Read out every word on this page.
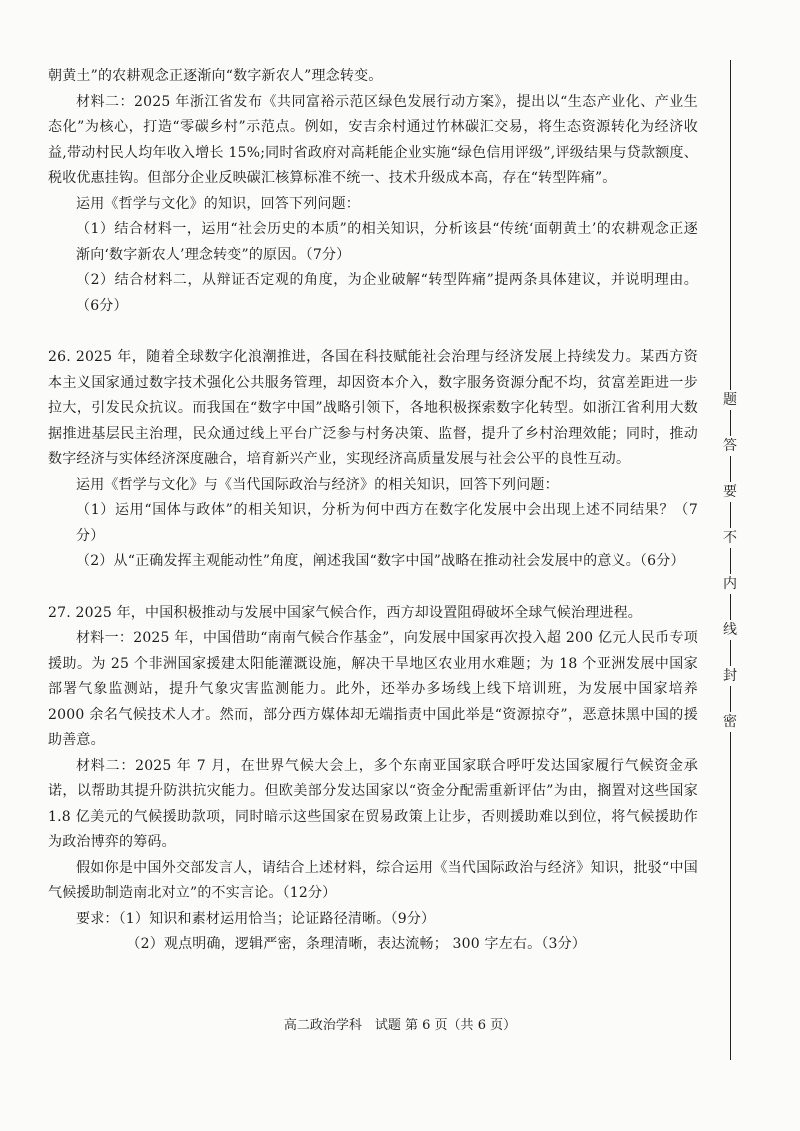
朝黄土”的农耕观念正逐渐向“数字新农人”理念转变。

材料二：2025 年浙江省发布《共同富裕示范区绿色发展行动方案》，提出以“生态产业化、产业生态化”为核心，打造“零碳乡村”示范点。例如，安吉余村通过竹林碳汇交易，将生态资源转化为经济收益,带动村民人均年收入增长 15%;同时省政府对高耗能企业实施“绿色信用评级”,评级结果与贷款额度、税收优惠挂钩。但部分企业反映碳汇核算标准不统一、技术升级成本高，存在“转型阵痛”。

运用《哲学与文化》的知识，回答下列问题：

（1）结合材料一，运用“社会历史的本质”的相关知识，分析该县“传统‘面朝黄土’的农耕观念正逐渐向‘数字新农人’理念转变”的原因。（7分）

（2）结合材料二，从辩证否定观的角度，为企业破解“转型阵痛”提两条具体建议，并说明理由。（6分）

26. 2025 年，随着全球数字化浪潮推进，各国在科技赋能社会治理与经济发展上持续发力。某西方资本主义国家通过数字技术强化公共服务管理，却因资本介入，数字服务资源分配不均，贫富差距进一步拉大，引发民众抗议。而我国在“数字中国”战略引领下，各地积极探索数字化转型。如浙江省利用大数据推进基层民主治理，民众通过线上平台广泛参与村务决策、监督，提升了乡村治理效能；同时，推动数字经济与实体经济深度融合，培育新兴产业，实现经济高质量发展与社会公平的良性互动。

运用《哲学与文化》与《当代国际政治与经济》的相关知识，回答下列问题：

（1）运用“国体与政体”的相关知识，分析为何中西方在数字化发展中会出现上述不同结果？（7分）

（2）从“正确发挥主观能动性”角度，阐述我国“数字中国”战略在推动社会发展中的意义。（6分）

27. 2025 年，中国积极推动与发展中国家气候合作，西方却设置阻碍破坏全球气候治理进程。

材料一：2025 年，中国借助“南南气候合作基金”，向发展中国家再次投入超 200 亿元人民币专项援助。为 25 个非洲国家援建太阳能灌溉设施，解决干旱地区农业用水难题；为 18 个亚洲发展中国家部署气象监测站，提升气象灾害监测能力。此外，还举办多场线上线下培训班，为发展中国家培养 2000 余名气候技术人才。然而，部分西方媒体却无端指责中国此举是“资源掠夺”，恶意抹黑中国的援助善意。

材料二：2025 年 7 月，在世界气候大会上，多个东南亚国家联合呼吁发达国家履行气候资金承诺，以帮助其提升防洪抗灾能力。但欧美部分发达国家以“资金分配需重新评估”为由，搁置对这些国家 1.8 亿美元的气候援助款项，同时暗示这些国家在贸易政策上让步，否则援助难以到位，将气候援助作为政治博弈的筹码。

假如你是中国外交部发言人，请结合上述材料，综合运用《当代国际政治与经济》知识，批驳“中国气候援助制造南北对立”的不实言论。（12分）

要求：（1）知识和素材运用恰当；论证路径清晰。（9分）

（2）观点明确，逻辑严密，条理清晰，表达流畅； 300 字左右。（3分）

题
答
要
不
内
线
封
密
高二政治学科　试题 第 6 页（共 6 页）
